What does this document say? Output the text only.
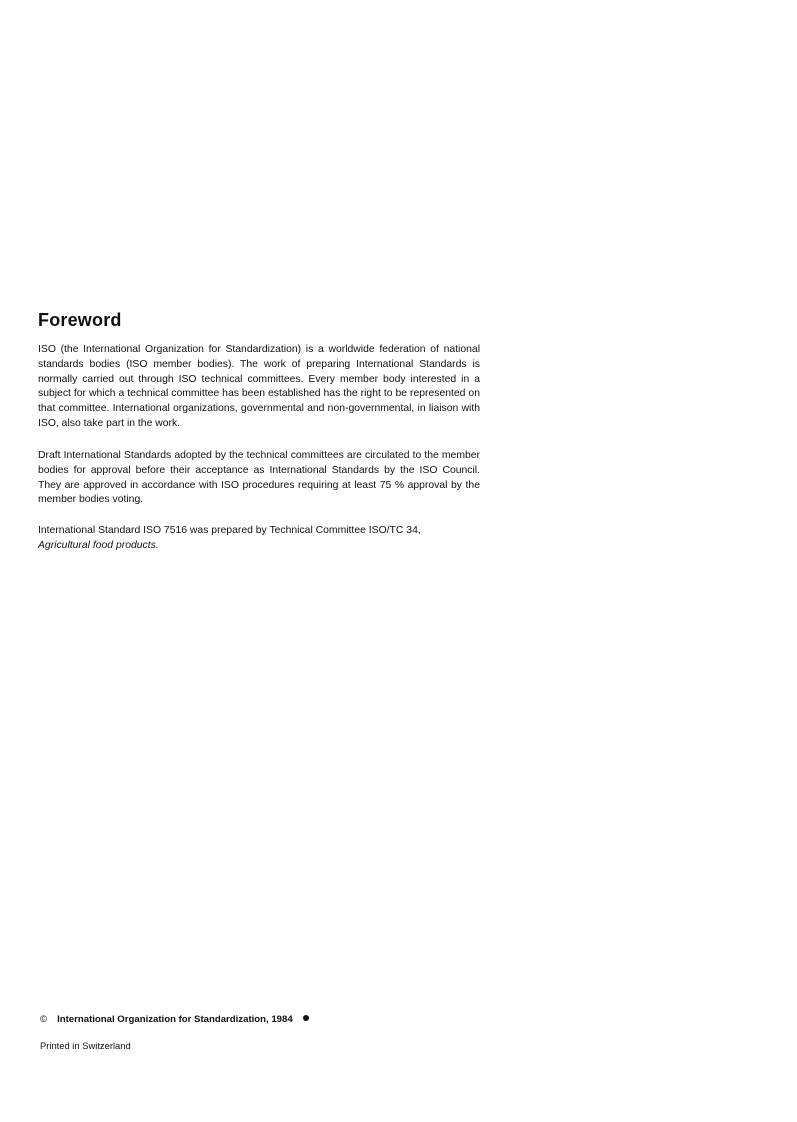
Foreword

ISO (the International Organization for Standardization) is a worldwide federation of national standards bodies (ISO member bodies). The work of preparing International Standards is normally carried out through ISO technical committees. Every member body interested in a subject for which a technical committee has been established has the right to be represented on that committee. International organizations, governmental and non-governmental, in liaison with ISO, also take part in the work.

Draft International Standards adopted by the technical committees are circulated to the member bodies for approval before their acceptance as International Standards by the ISO Council. They are approved in accordance with ISO procedures requiring at least 75 % approval by the member bodies voting.

International Standard ISO 7516 was prepared by Technical Committee ISO/TC 34,
Agricultural food products.

© International Organization for Standardization, 1984
Printed in Switzerland
